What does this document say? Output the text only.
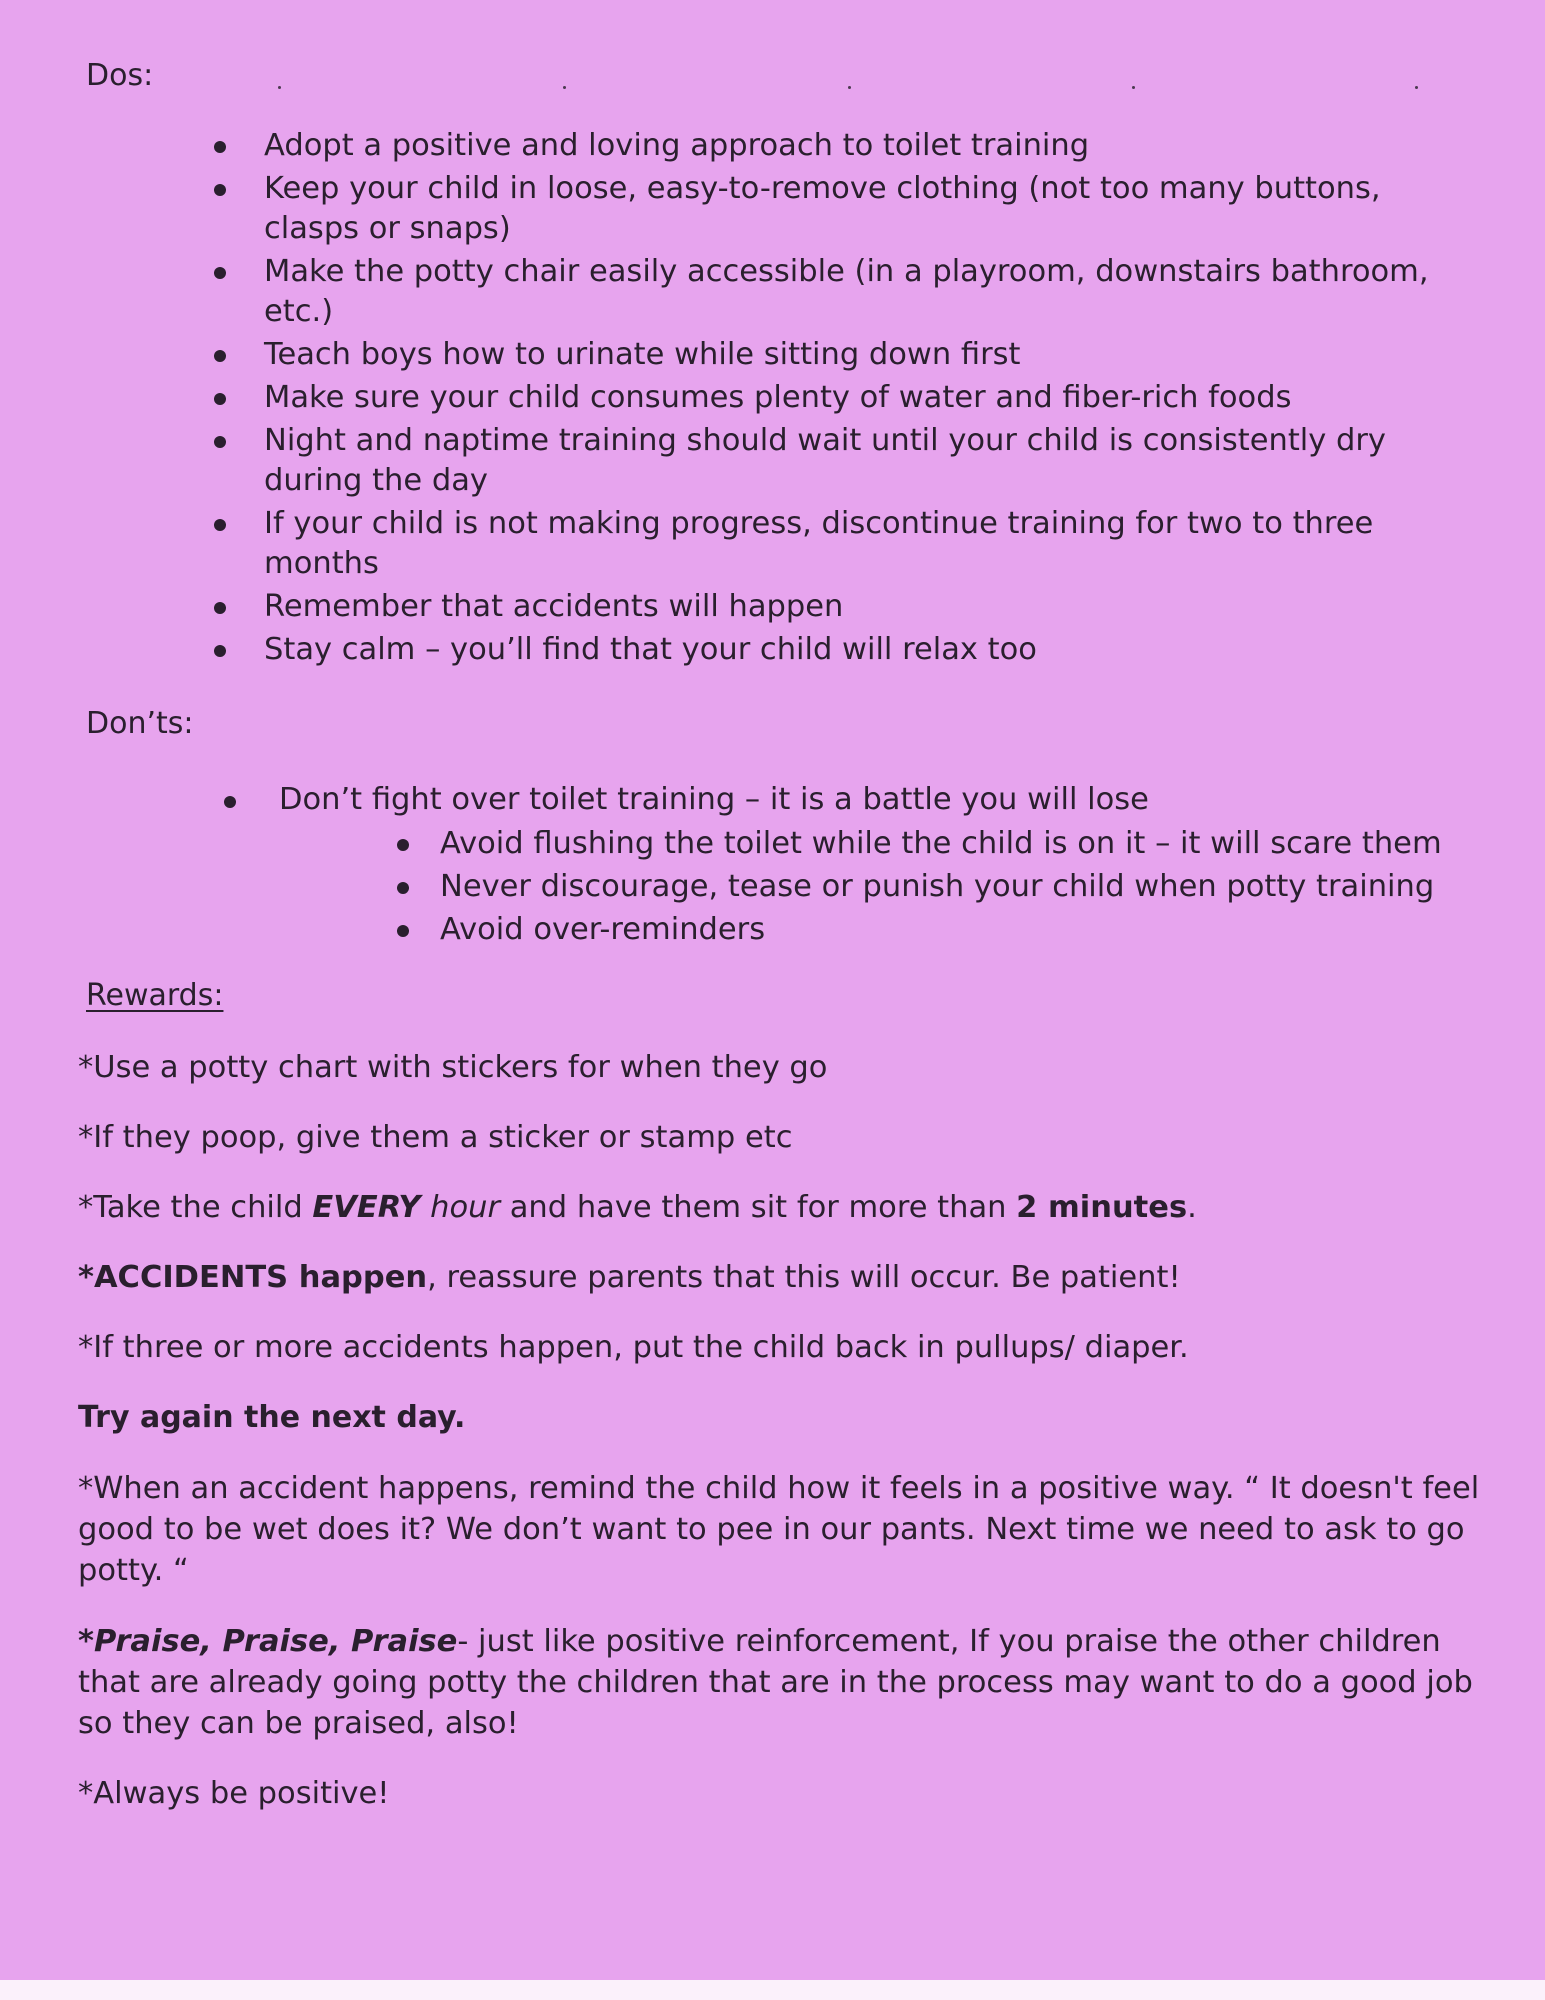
Dos:
Adopt a positive and loving approach to toilet training
Keep your child in loose, easy-to-remove clothing (not too many buttons, clasps or snaps)
Make the potty chair easily accessible (in a playroom, downstairs bathroom, etc.)
Teach boys how to urinate while sitting down first
Make sure your child consumes plenty of water and fiber-rich foods
Night and naptime training should wait until your child is consistently dry during the day
If your child is not making progress, discontinue training for two to three months
Remember that accidents will happen
Stay calm – you’ll find that your child will relax too
Don’ts:
Don’t fight over toilet training – it is a battle you will lose
Avoid flushing the toilet while the child is on it – it will scare them
Never discourage, tease or punish your child when potty training
Avoid over-reminders
Rewards:

*Use a potty chart with stickers for when they go

*If they poop, give them a sticker or stamp etc

*Take the child EVERY hour and have them sit for more than 2 minutes.

*ACCIDENTS happen, reassure parents that this will occur. Be patient!

*If three or more accidents happen, put the child back in pullups/ diaper.

Try again the next day.

*When an accident happens, remind the child how it feels in a positive way. “ It doesn't feel good to be wet does it? We don’t want to pee in our pants. Next time we need to ask to go potty. “

*Praise, Praise, Praise- just like positive reinforcement, If you praise the other children that are already going potty the children that are in the process may want to do a good job so they can be praised, also!

*Always be positive!
